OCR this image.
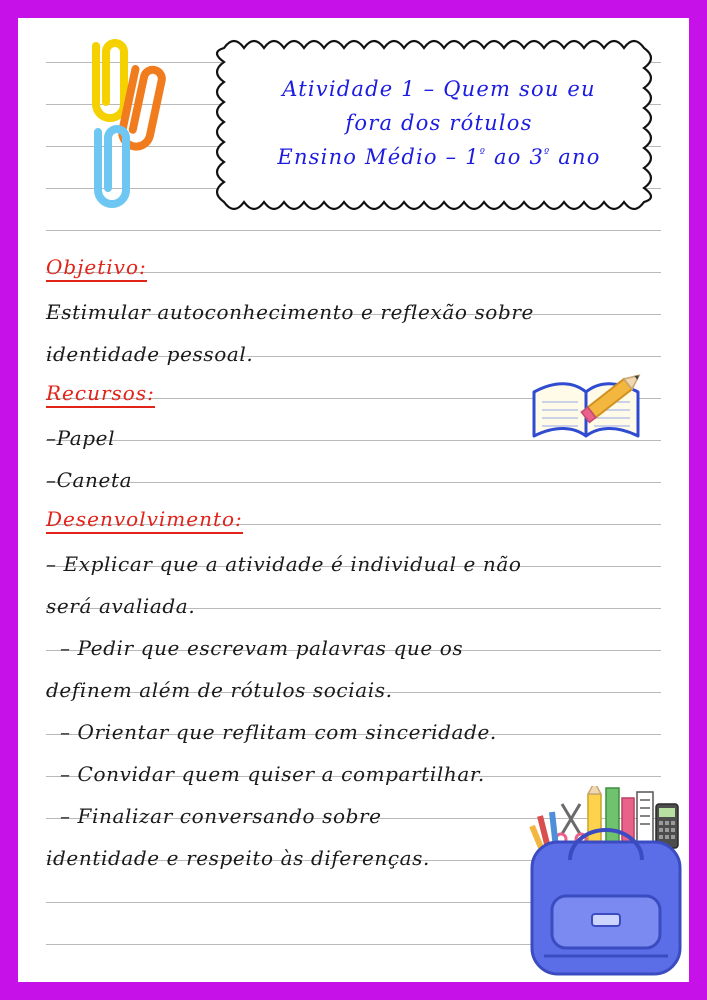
Atividade 1 – Quem sou eu
fora dos rótulos
Ensino Médio – $1^º$ ao $3^º$ ano
Objetivo:
Estimular autoconhecimento e reflexão sobre
identidade pessoal.
Recursos:
–Papel
–Caneta
Desenvolvimento:
– Explicar que a atividade é individual e não
será avaliada.
– Pedir que escrevam palavras que os
definem além de rótulos sociais.
– Orientar que reflitam com sinceridade.
– Convidar quem quiser a compartilhar.
– Finalizar conversando sobre
identidade e respeito às diferenças.
